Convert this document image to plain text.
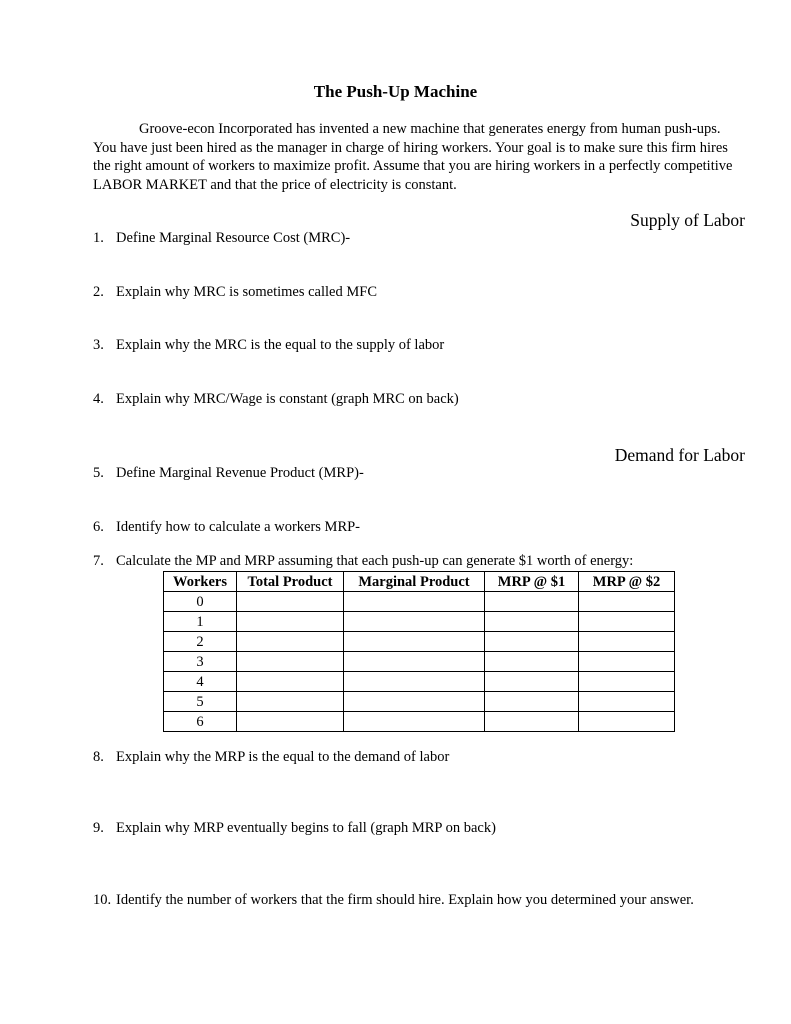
The Push-Up Machine

Groove-econ Incorporated has invented a new machine that generates energy from human push-ups. You have just been hired as the manager in charge of hiring workers. Your goal is to make sure this firm hires the right amount of workers to maximize profit. Assume that you are hiring workers in a perfectly competitive LABOR MARKET and that the price of electricity is constant.

Supply of Labor
1. Define Marginal Resource Cost (MRC)-
2. Explain why MRC is sometimes called MFC
3. Explain why the MRC is the equal to the supply of labor
4. Explain why MRC/Wage is constant (graph MRC on back)
Demand for Labor
5. Define Marginal Revenue Product (MRP)-
6. Identify how to calculate a workers MRP-
7. Calculate the MP and MRP assuming that each push-up can generate $1 worth of energy:
Workers	Total Product	Marginal Product	MRP @ $1	MRP @ $2
0				
1				
2				
3				
4				
5				
6				
8. Explain why the MRP is the equal to the demand of labor
9. Explain why MRP eventually begins to fall (graph MRP on back)
10. Identify the number of workers that the firm should hire. Explain how you determined your answer.
